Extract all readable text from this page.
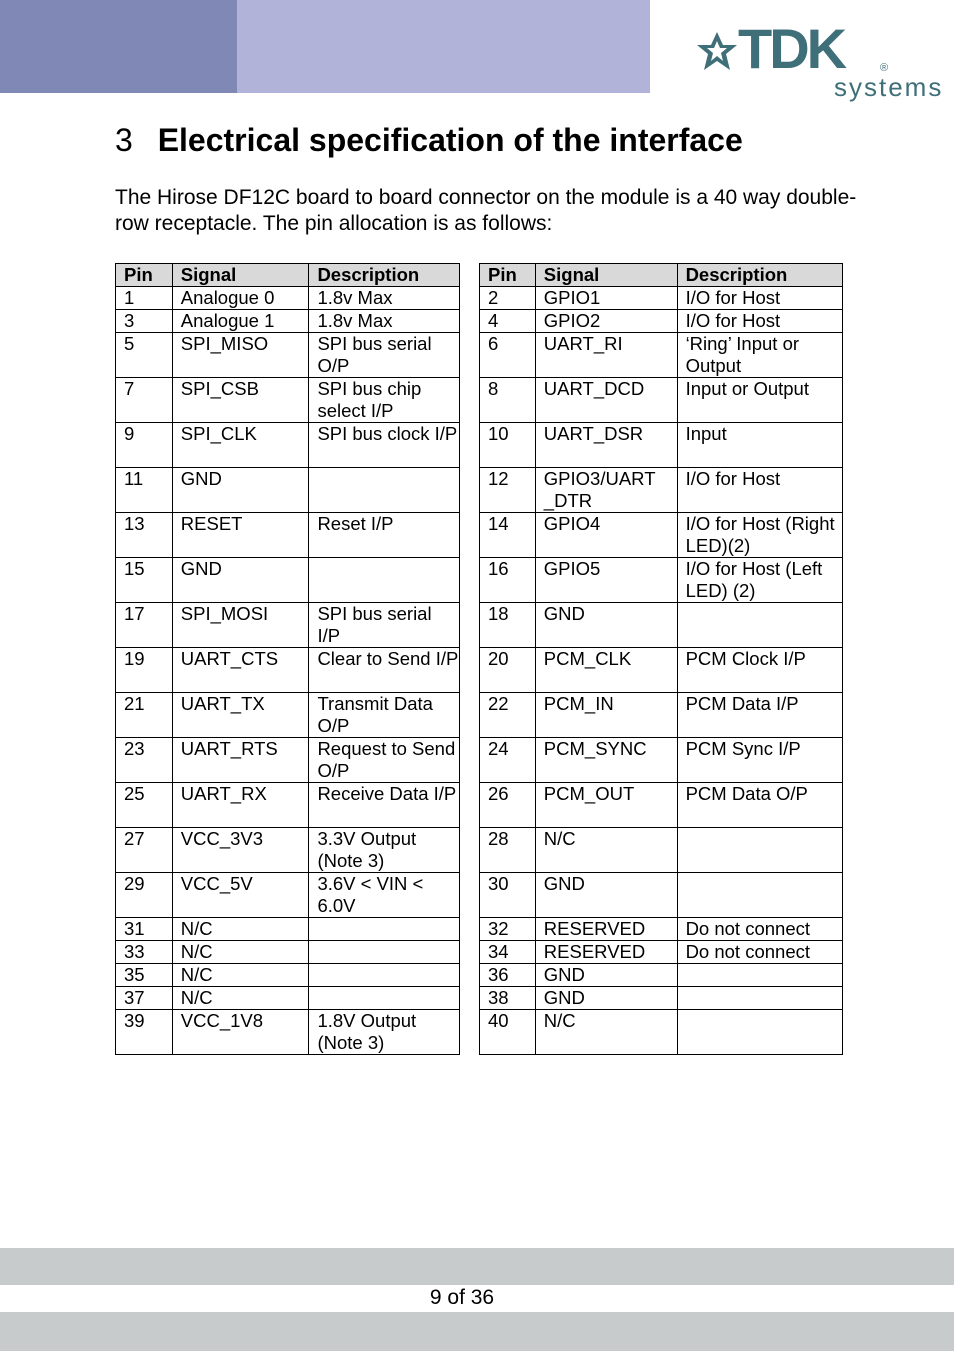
TDK	®
systems
3 Electrical specification of the interface
The Hirose DF12C board to board connector on the module is a 40 way double-row receptacle. The pin allocation is as follows:
Pin	Signal	Description
1	Analogue 0	1.8v Max
3	Analogue 1	1.8v Max
5	SPI_MISO	SPI bus serial O/P
7	SPI_CSB	SPI bus chip select I/P
9	SPI_CLK	SPI bus clock I/P
11	GND	
13	RESET	Reset I/P
15	GND	
17	SPI_MOSI	SPI bus serial I/P
19	UART_CTS	Clear to Send I/P
21	UART_TX	Transmit Data O/P
23	UART_RTS	Request to Send O/P
25	UART_RX	Receive Data I/P
27	VCC_3V3	3.3V Output (Note 3)
29	VCC_5V	3.6V < VIN < 6.0V
31	N/C	
33	N/C	
35	N/C	
37	N/C	
39	VCC_1V8	1.8V Output (Note 3)
Pin	Signal	Description
2	GPIO1	I/O for Host
4	GPIO2	I/O for Host
6	UART_RI	‘Ring’ Input or Output
8	UART_DCD	Input or Output
10	UART_DSR	Input
12	GPIO3/UART _DTR	I/O for Host
14	GPIO4	I/O for Host (Right LED)(2)
16	GPIO5	I/O for Host (Left LED) (2)
18	GND	
20	PCM_CLK	PCM Clock I/P
22	PCM_IN	PCM Data I/P
24	PCM_SYNC	PCM Sync I/P
26	PCM_OUT	PCM Data O/P
28	N/C	
30	GND	
32	RESERVED	Do not connect
34	RESERVED	Do not connect
36	GND	
38	GND	
40	N/C	
9 of 36
